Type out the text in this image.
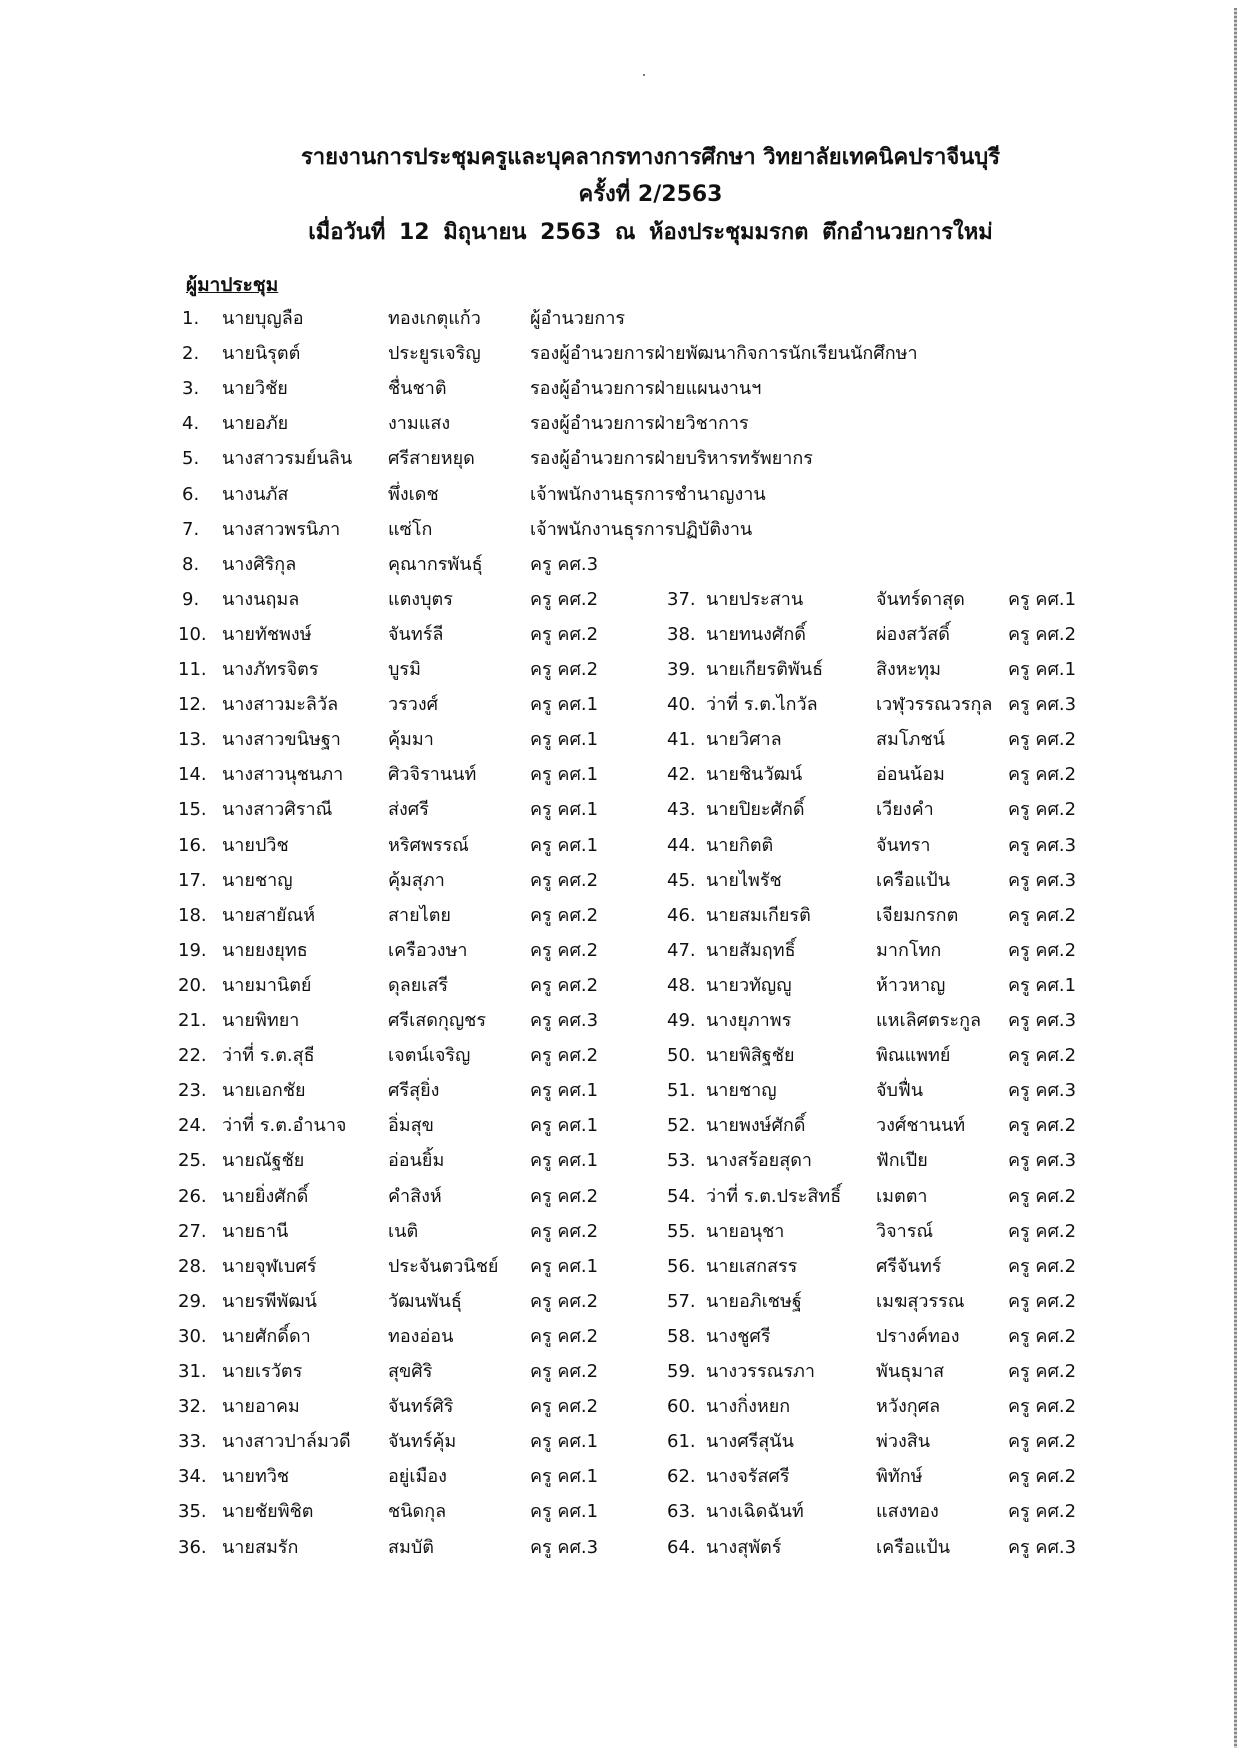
รายงานการประชุมครูและบุคลากรทางการศึกษา วิทยาลัยเทคนิคปราจีนบุรี
ครั้งที่ 2/2563
เมื่อวันที่ 12 มิถุนายน 2563 ณ ห้องประชุมมรกต ตึกอำนวยการใหม่
ผู้มาประชุม
1. นายบุญลือ	ทองเกตุแก้ว	ผู้อำนวยการ
2. นายนิรุตต์	ประยูรเจริญ	รองผู้อำนวยการฝ่ายพัฒนากิจการนักเรียนนักศึกษา
3. นายวิชัย	ชื่นชาติ	รองผู้อำนวยการฝ่ายแผนงานฯ
4. นายอภัย	งามแสง	รองผู้อำนวยการฝ่ายวิชาการ
5. นางสาวรมย์นลิน ศรีสายหยุด	รองผู้อำนวยการฝ่ายบริหารทรัพยากร
6. นางนภัส	พึ่งเดช	เจ้าพนักงานธุรการชำนาญงาน
7. นางสาวพรนิภา	แซ่โก	เจ้าพนักงานธุรการปฏิบัติงาน
8. นางศิริกุล	คุณากรพันธุ์	ครู คศ.3
9. นางนฤมล	แตงบุตร	ครู คศ.2
10. นายทัชพงษ์	จันทร์ลี	ครู คศ.2
11. นางภัทรจิตร	บูรมิ	ครู คศ.2
12. นางสาวมะลิวัล	วรวงศ์	ครู คศ.1
13. นางสาวขนิษฐา	คุ้มมา	ครู คศ.1
14. นางสาวนุชนภา ศิวจิรานนท์	ครู คศ.1
15. นางสาวศิราณี	ส่งศรี	ครู คศ.1
16. นายปวิช	หริศพรรณ์	ครู คศ.1
17. นายชาญ	คุ้มสุภา	ครู คศ.2
18. นายสายัณห์	สายไตย	ครู คศ.2
19. นายยงยุทธ	เครือวงษา	ครู คศ.2
20. นายมานิตย์	ดุลยเสรี	ครู คศ.2
21. นายพิทยา	ศรีเสดกุญชร ครู คศ.3
22. ว่าที่ ร.ต.สุธี	เจตน์เจริญ	ครู คศ.2
23. นายเอกชัย	ศรีสุยิ่ง	ครู คศ.1
24. ว่าที่ ร.ต.อำนาจ อิ่มสุข	ครู คศ.1
25. นายณัฐชัย	อ่อนยิ้ม	ครู คศ.1
26. นายยิ่งศักดิ์	คำสิงห์	ครู คศ.2
27. นายธานี	เนติ	ครู คศ.2
28. นายจุฬเบศร์	ประจันตวนิชย์ ครู คศ.1
29. นายรพีพัฒน์	วัฒนพันธุ์	ครู คศ.2
30. นายศักดิ์ดา	ทองอ่อน	ครู คศ.2
31. นายเรวัตร	สุขศิริ	ครู คศ.2
32. นายอาคม	จันทร์ศิริ	ครู คศ.2
33. นางสาวปาล์มวดี จันทร์คุ้ม	ครู คศ.1
34. นายทวิช	อยู่เมือง	ครู คศ.1
35. นายชัยพิชิต	ชนิดกุล	ครู คศ.1
36. นายสมรัก	สมบัติ	ครู คศ.3
37. นายประสาน	จันทร์ดาสุด ครู คศ.1
38. นายทนงศักดิ์	ผ่องสวัสดิ์	ครู คศ.2
39. นายเกียรติพันธ์	สิงหะทุม	ครู คศ.1
40. ว่าที่ ร.ต.ไกวัล	เวฬุวรรณวรกุล ครู คศ.3
41. นายวิศาล	สมโภชน์	ครู คศ.2
42. นายชินวัฒน์	อ่อนน้อม	ครู คศ.2
43. นายปิยะศักดิ์	เวียงคำ	ครู คศ.2
44. นายกิตติ	จันทรา	ครู คศ.3
45. นายไพรัช	เครือแป้น	ครู คศ.3
46. นายสมเกียรติ	เจียมกรกต	ครู คศ.2
47. นายสัมฤทธิ์	มากโทก	ครู คศ.2
48. นายวทัญญู	ห้าวหาญ	ครู คศ.1
49. นางยุภาพร	แหเลิศตระกูล ครู คศ.3
50. นายพิสิฐชัย	พิณแพทย์	ครู คศ.2
51. นายชาญ	จับฟื่น	ครู คศ.3
52. นายพงษ์ศักดิ์	วงศ์ชานนท์ ครู คศ.2
53. นางสร้อยสุดา	ฟักเปีย	ครู คศ.3
54. ว่าที่ ร.ต.ประสิทธิ์ เมตตา	ครู คศ.2
55. นายอนุชา	วิจารณ์	ครู คศ.2
56. นายเสกสรร	ศรีจันทร์	ครู คศ.2
57. นายอภิเชษฐ์	เมฆสุวรรณ ครู คศ.2
58. นางชูศรี	ปรางค์ทอง	ครู คศ.2
59. นางวรรณรภา	พันธุมาส	ครู คศ.2
60. นางกิ่งหยก	หวังกุศล	ครู คศ.2
61. นางศรีสุนัน	พ่วงสิน	ครู คศ.2
62. นางจรัสศรี	พิทักษ์	ครู คศ.2
63. นางเฉิดฉันท์	แสงทอง	ครู คศ.2
64. นางสุพัตร์	เครือแป้น	ครู คศ.3
